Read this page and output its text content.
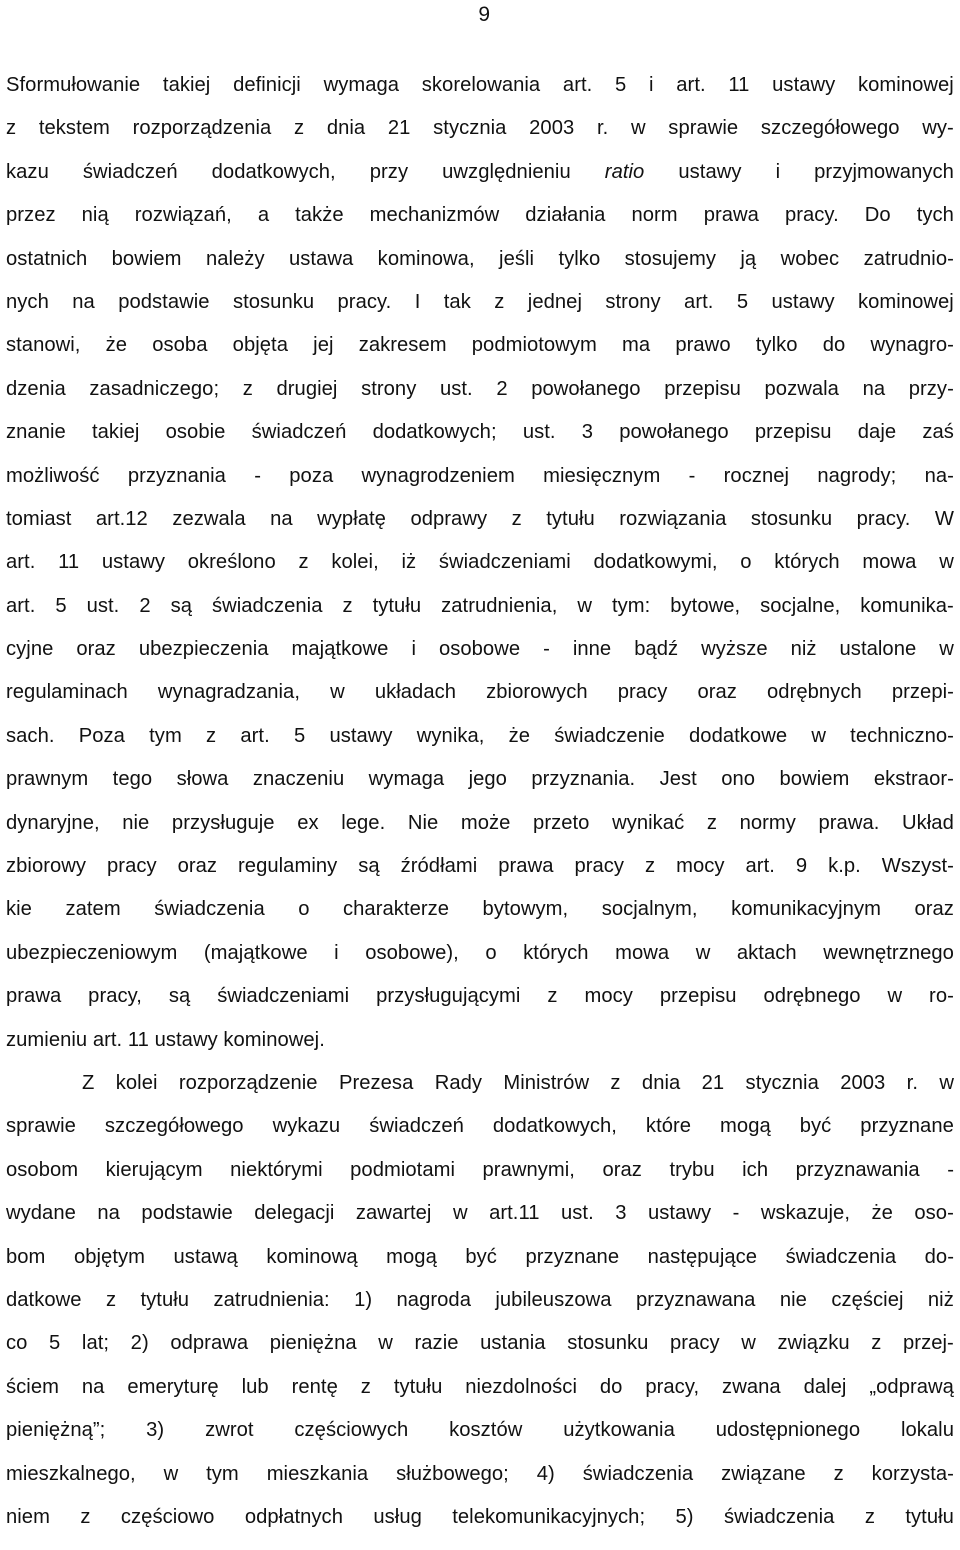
9
Sformułowanie takiej definicji wymaga skorelowania art. 5 i art. 11 ustawy kominowej
z tekstem rozporządzenia z dnia 21 stycznia 2003 r. w sprawie szczegółowego wy-
kazu świadczeń dodatkowych, przy uwzględnieniu ratio ustawy i przyjmowanych
przez nią rozwiązań, a także mechanizmów działania norm prawa pracy. Do tych
ostatnich bowiem należy ustawa kominowa, jeśli tylko stosujemy ją wobec zatrudnio-
nych na podstawie stosunku pracy. I tak z jednej strony art. 5 ustawy kominowej
stanowi, że osoba objęta jej zakresem podmiotowym ma prawo tylko do wynagro-
dzenia zasadniczego; z drugiej strony ust. 2 powołanego przepisu pozwala na przy-
znanie takiej osobie świadczeń dodatkowych; ust. 3 powołanego przepisu daje zaś
możliwość przyznania - poza wynagrodzeniem miesięcznym - rocznej nagrody; na-
tomiast art.12 zezwala na wypłatę odprawy z tytułu rozwiązania stosunku pracy. W
art. 11 ustawy określono z kolei, iż świadczeniami dodatkowymi, o których mowa w
art. 5 ust. 2 są świadczenia z tytułu zatrudnienia, w tym: bytowe, socjalne, komunika-
cyjne oraz ubezpieczenia majątkowe i osobowe - inne bądź wyższe niż ustalone w
regulaminach wynagradzania, w układach zbiorowych pracy oraz odrębnych przepi-
sach. Poza tym z art. 5 ustawy wynika, że świadczenie dodatkowe w techniczno-
prawnym tego słowa znaczeniu wymaga jego przyznania. Jest ono bowiem ekstraor-
dynaryjne, nie przysługuje ex lege. Nie może przeto wynikać z normy prawa. Układ
zbiorowy pracy oraz regulaminy są źródłami prawa pracy z mocy art. 9 k.p. Wszyst-
kie zatem świadczenia o charakterze bytowym, socjalnym, komunikacyjnym oraz
ubezpieczeniowym (majątkowe i osobowe), o których mowa w aktach wewnętrznego
prawa pracy, są świadczeniami przysługującymi z mocy przepisu odrębnego w ro-
zumieniu art. 11 ustawy kominowej.
Z kolei rozporządzenie Prezesa Rady Ministrów z dnia 21 stycznia 2003 r. w
sprawie szczegółowego wykazu świadczeń dodatkowych, które mogą być przyznane
osobom kierującym niektórymi podmiotami prawnymi, oraz trybu ich przyznawania -
wydane na podstawie delegacji zawartej w art.11 ust. 3 ustawy - wskazuje, że oso-
bom objętym ustawą kominową mogą być przyznane następujące świadczenia do-
datkowe z tytułu zatrudnienia: 1) nagroda jubileuszowa przyznawana nie częściej niż
co 5 lat; 2) odprawa pieniężna w razie ustania stosunku pracy w związku z przej-
ściem na emeryturę lub rentę z tytułu niezdolności do pracy, zwana dalej „odprawą
pieniężną”; 3) zwrot częściowych kosztów użytkowania udostępnionego lokalu
mieszkalnego, w tym mieszkania służbowego; 4) świadczenia związane z korzysta-
niem z częściowo odpłatnych usług telekomunikacyjnych; 5) świadczenia z tytułu
